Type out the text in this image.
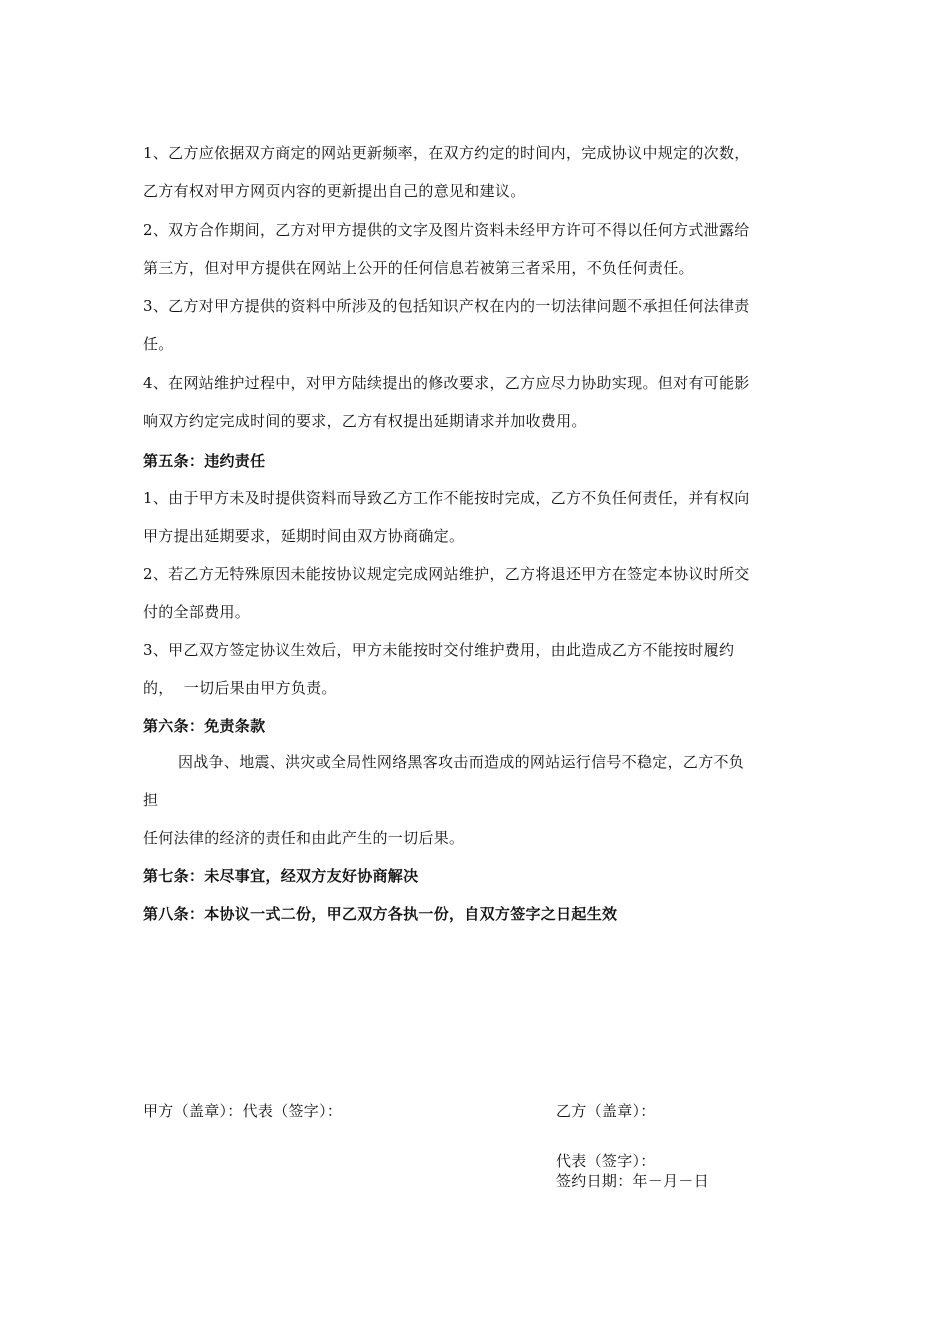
1、乙方应依据双方商定的网站更新频率，在双方约定的时间内，完成协议中规定的次数，
乙方有权对甲方网页内容的更新提出自己的意见和建议。
2、双方合作期间，乙方对甲方提供的文字及图片资料未经甲方许可不得以任何方式泄露给
第三方，但对甲方提供在网站上公开的任何信息若被第三者采用，不负任何责任。
3、乙方对甲方提供的资料中所涉及的包括知识产权在内的一切法律问题不承担任何法律责
任。
4、在网站维护过程中，对甲方陆续提出的修改要求，乙方应尽力协助实现。但对有可能影
响双方约定完成时间的要求，乙方有权提出延期请求并加收费用。
第五条：违约责任
1、由于甲方未及时提供资料而导致乙方工作不能按时完成，乙方不负任何责任，并有权向
甲方提出延期要求，延期时间由双方协商确定。
2、若乙方无特殊原因未能按协议规定完成网站维护，乙方将退还甲方在签定本协议时所交
付的全部费用。
3、甲乙双方签定协议生效后，甲方未能按时交付维护费用，由此造成乙方不能按时履约
的，  一切后果由甲方负责。
第六条：免责条款
因战争、地震、洪灾或全局性网络黑客攻击而造成的网站运行信号不稳定，乙方不负
担
任何法律的经济的责任和由此产生的一切后果。
第七条：未尽事宜，经双方友好协商解决
第八条：本协议一式二份，甲乙双方各执一份，自双方签字之日起生效
甲方（盖章）：代表（签字）：	乙方（盖章）：
代表（签字）：
签约日期：年－月－日
